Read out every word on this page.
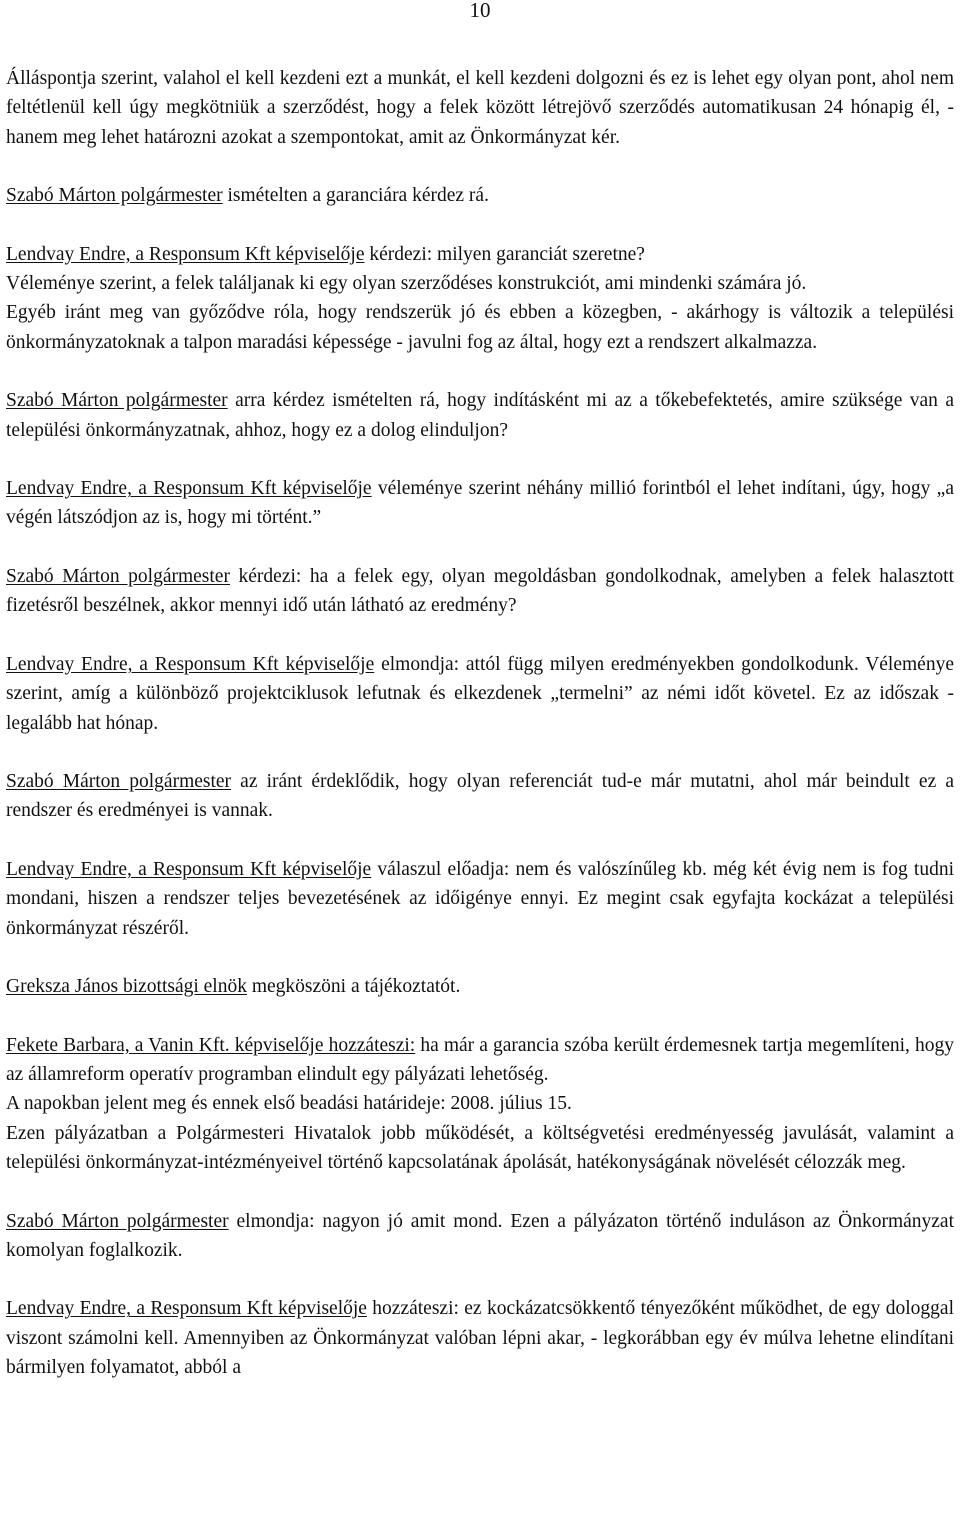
10

Álláspontja szerint, valahol el kell kezdeni ezt a munkát, el kell kezdeni dolgozni és ez is lehet egy olyan pont, ahol nem feltétlenül kell úgy megkötniük a szerződést, hogy a felek között létrejövő szerződés automatikusan 24 hónapig él, - hanem meg lehet határozni azokat a szempontokat, amit az Önkormányzat kér.

Szabó Márton polgármester ismételten a garanciára kérdez rá.

Lendvay Endre, a Responsum Kft képviselője kérdezi: milyen garanciát szeretne?

Véleménye szerint, a felek találjanak ki egy olyan szerződéses konstrukciót, ami mindenki számára jó.

Egyéb iránt meg van győződve róla, hogy rendszerük jó és ebben a közegben, - akárhogy is változik a települési önkormányzatoknak a talpon maradási képessége - javulni fog az által, hogy ezt a rendszert alkalmazza.

Szabó Márton polgármester arra kérdez ismételten rá, hogy indításként mi az a tőkebefektetés, amire szüksége van a települési önkormányzatnak, ahhoz, hogy ez a dolog elinduljon?

Lendvay Endre, a Responsum Kft képviselője véleménye szerint néhány millió forintból el lehet indítani, úgy, hogy „a végén látszódjon az is, hogy mi történt.”

Szabó Márton polgármester kérdezi: ha a felek egy, olyan megoldásban gondolkodnak, amelyben a felek halasztott fizetésről beszélnek, akkor mennyi idő után látható az eredmény?

Lendvay Endre, a Responsum Kft képviselője elmondja: attól függ milyen eredményekben gondolkodunk. Véleménye szerint, amíg a különböző projektciklusok lefutnak és elkezdenek „termelni” az némi időt követel. Ez az időszak - legalább hat hónap.

Szabó Márton polgármester az iránt érdeklődik, hogy olyan referenciát tud-e már mutatni, ahol már beindult ez a rendszer és eredményei is vannak.

Lendvay Endre, a Responsum Kft képviselője válaszul előadja: nem és valószínűleg kb. még két évig nem is fog tudni mondani, hiszen a rendszer teljes bevezetésének az időigénye ennyi. Ez megint csak egyfajta kockázat a települési önkormányzat részéről.

Greksza János bizottsági elnök megköszöni a tájékoztatót.

Fekete Barbara, a Vanin Kft. képviselője hozzáteszi: ha már a garancia szóba került érdemesnek tartja megemlíteni, hogy az államreform operatív programban elindult egy pályázati lehetőség.

A napokban jelent meg és ennek első beadási határideje: 2008. július 15.

Ezen pályázatban a Polgármesteri Hivatalok jobb működését, a költségvetési eredményesség javulását, valamint a települési önkormányzat-intézményeivel történő kapcsolatának ápolását, hatékonyságának növelését célozzák meg.

Szabó Márton polgármester elmondja: nagyon jó amit mond. Ezen a pályázaton történő induláson az Önkormányzat komolyan foglalkozik.

Lendvay Endre, a Responsum Kft képviselője hozzáteszi: ez kockázatcsökkentő tényezőként működhet, de egy dologgal viszont számolni kell. Amennyiben az Önkormányzat valóban lépni akar, - legkorábban egy év múlva lehetne elindítani bármilyen folyamatot, abból a
